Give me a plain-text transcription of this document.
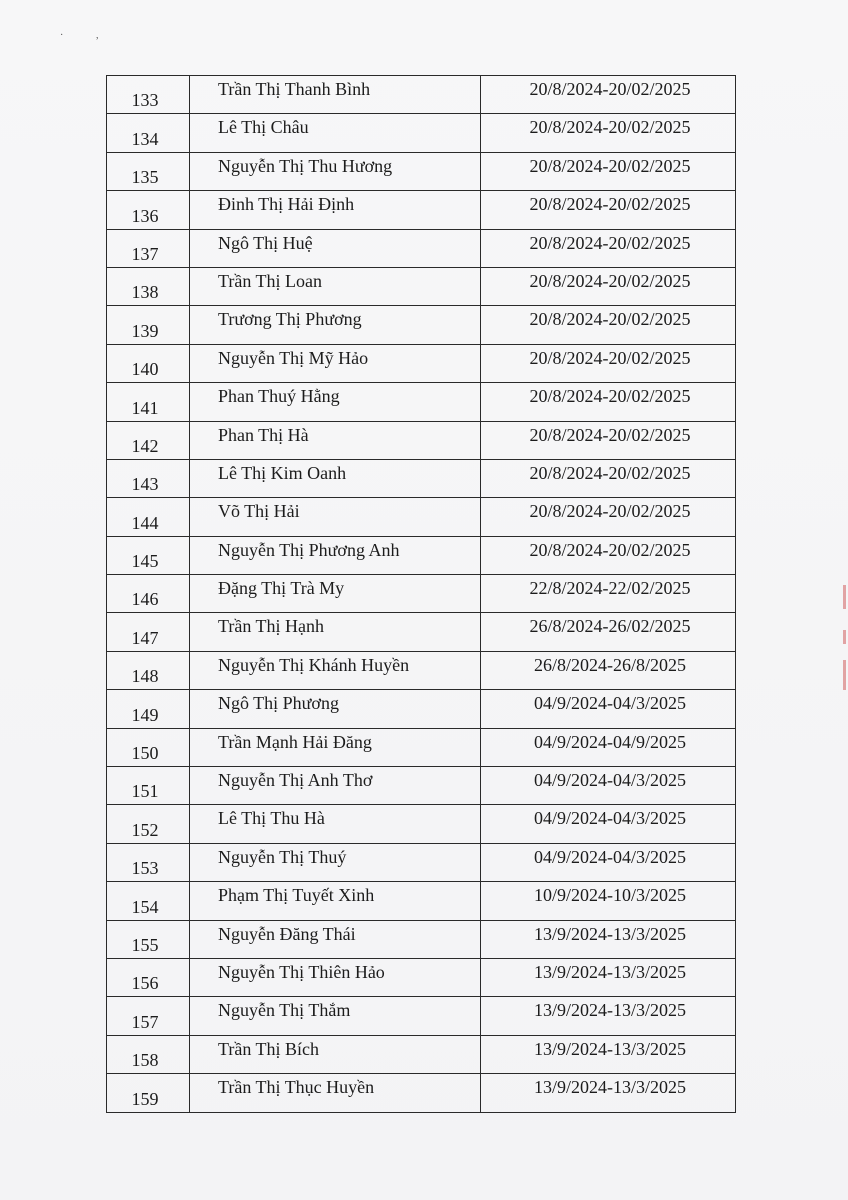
·	,
133	Trần Thị Thanh Bình	20/8/2024-20/02/2025
134	Lê Thị Châu	20/8/2024-20/02/2025
135	Nguyễn Thị Thu Hương	20/8/2024-20/02/2025
136	Đinh Thị Hải Định	20/8/2024-20/02/2025
137	Ngô Thị Huệ	20/8/2024-20/02/2025
138	Trần Thị Loan	20/8/2024-20/02/2025
139	Trương Thị Phương	20/8/2024-20/02/2025
140	Nguyễn Thị Mỹ Hảo	20/8/2024-20/02/2025
141	Phan Thuý Hằng	20/8/2024-20/02/2025
142	Phan Thị Hà	20/8/2024-20/02/2025
143	Lê Thị Kim Oanh	20/8/2024-20/02/2025
144	Võ Thị Hải	20/8/2024-20/02/2025
145	Nguyễn Thị Phương Anh	20/8/2024-20/02/2025
146	Đặng Thị Trà My	22/8/2024-22/02/2025
147	Trần Thị Hạnh	26/8/2024-26/02/2025
148	Nguyễn Thị Khánh Huyền	26/8/2024-26/8/2025
149	Ngô Thị Phương	04/9/2024-04/3/2025
150	Trần Mạnh Hải Đăng	04/9/2024-04/9/2025
151	Nguyễn Thị Anh Thơ	04/9/2024-04/3/2025
152	Lê Thị Thu Hà	04/9/2024-04/3/2025
153	Nguyễn Thị Thuý	04/9/2024-04/3/2025
154	Phạm Thị Tuyết Xinh	10/9/2024-10/3/2025
155	Nguyễn Đăng Thái	13/9/2024-13/3/2025
156	Nguyễn Thị Thiên Hảo	13/9/2024-13/3/2025
157	Nguyễn Thị Thắm	13/9/2024-13/3/2025
158	Trần Thị Bích	13/9/2024-13/3/2025
159	Trần Thị Thục Huyền	13/9/2024-13/3/2025
